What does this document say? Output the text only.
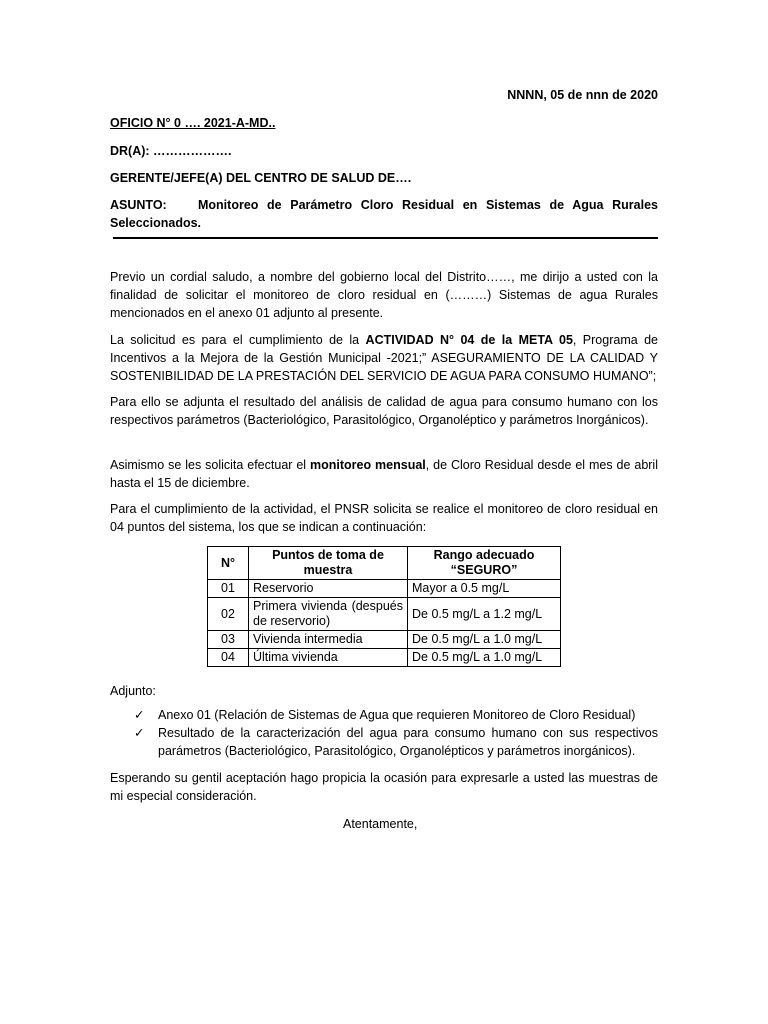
NNNN, 05 de nnn de 2020
OFICIO N° 0 …. 2021-A-MD..
DR(A): ……………….
GERENTE/JEFE(A) DEL CENTRO DE SALUD DE….
ASUNTO:	Monitoreo de Parámetro Cloro Residual en Sistemas de Agua Rurales Seleccionados.

Previo un cordial saludo, a nombre del gobierno local del Distrito……, me dirijo a usted con la finalidad de solicitar el monitoreo de cloro residual en (………) Sistemas de agua Rurales mencionados en el anexo 01 adjunto al presente.

La solicitud es para el cumplimiento de la ACTIVIDAD N° 04 de la META 05, Programa de Incentivos a la Mejora de la Gestión Municipal -2021;” ASEGURAMIENTO DE LA CALIDAD Y SOSTENIBILIDAD DE LA PRESTACIÓN DEL SERVICIO DE AGUA PARA CONSUMO HUMANO”;

Para ello se adjunta el resultado del análisis de calidad de agua para consumo humano con los respectivos parámetros (Bacteriológico, Parasitológico, Organoléptico y parámetros Inorgánicos).

Asimismo se les solicita efectuar el monitoreo mensual, de Cloro Residual desde el mes de abril hasta el 15 de diciembre.

Para el cumplimiento de la actividad, el PNSR solicita se realice el monitoreo de cloro residual en 04 puntos del sistema, los que se indican a continuación:

N°	Puntos de toma de muestra	Rango adecuado “SEGURO”
01	Reservorio	Mayor a 0.5 mg/L
02	Primera vivienda (después de reservorio)	De 0.5 mg/L a 1.2 mg/L
03	Vivienda intermedia	De 0.5 mg/L a 1.0 mg/L
04	Última vivienda	De 0.5 mg/L a 1.0 mg/L
Adjunto:
✓ Anexo 01 (Relación de Sistemas de Agua que requieren Monitoreo de Cloro Residual)
✓ Resultado de la caracterización del agua para consumo humano con sus respectivos parámetros (Bacteriológico, Parasitológico, Organolépticos y parámetros inorgánicos).

Esperando su gentil aceptación hago propicia la ocasión para expresarle a usted las muestras de mi especial consideración.

Atentamente,
